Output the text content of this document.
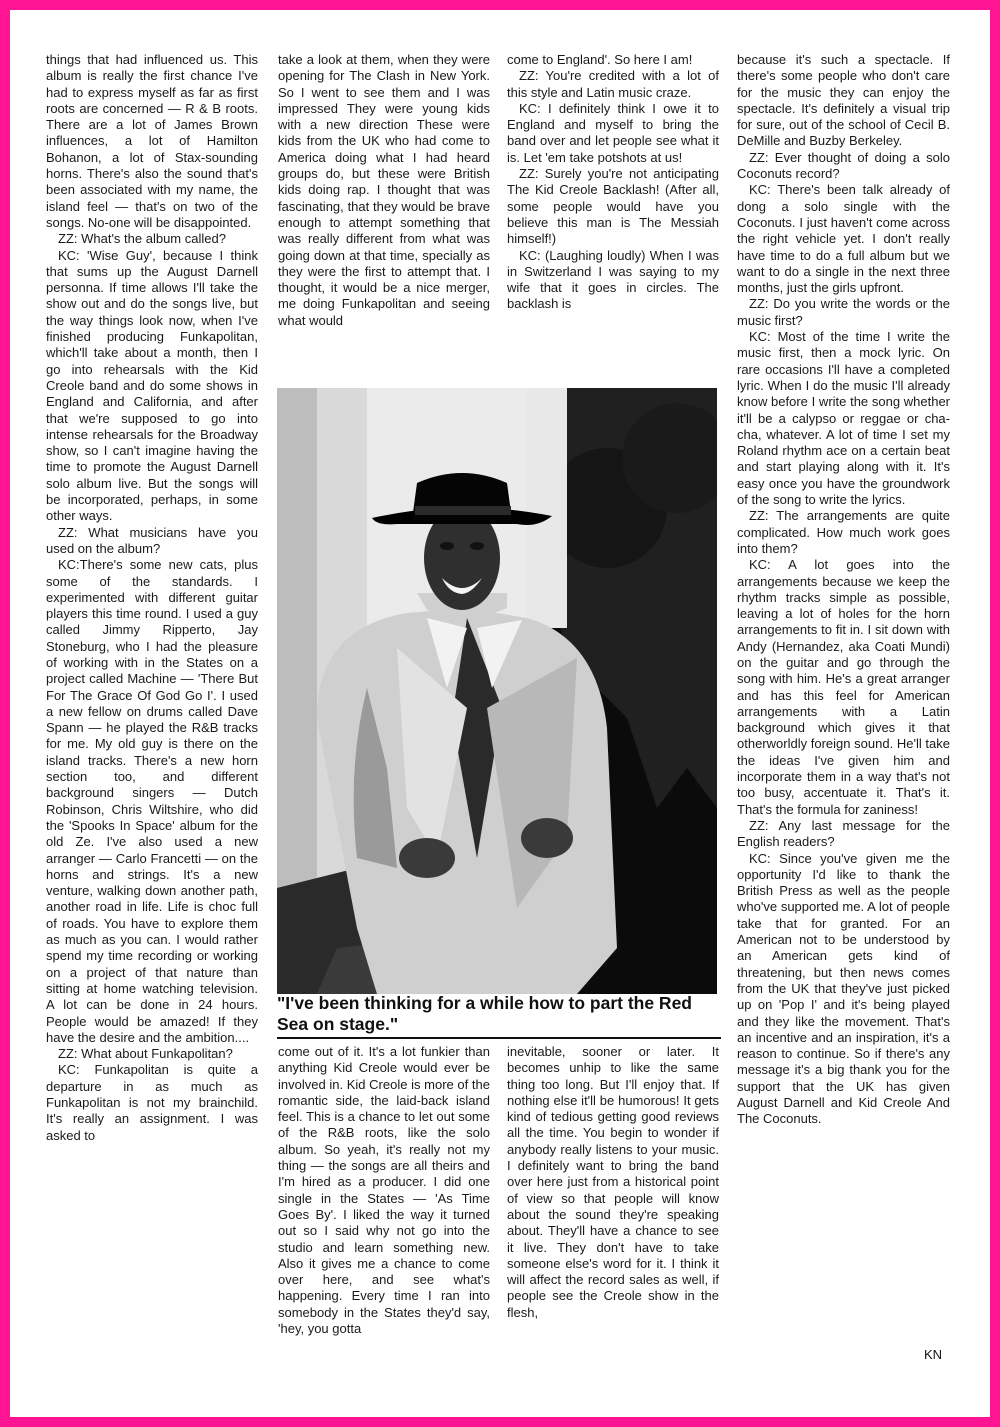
things that had influenced us. This album is really the first chance I've had to express myself as far as first roots are concerned — R & B roots. There are a lot of James Brown influences, a lot of Hamilton Bohanon, a lot of Stax-sounding horns. There's also the sound that's been associated with my name, the island feel — that's on two of the songs. No-one will be disappointed.

ZZ: What's the album called?

KC: 'Wise Guy', because I think that sums up the August Darnell personna. If time allows I'll take the show out and do the songs live, but the way things look now, when I've finished producing Funkapolitan, which'll take about a month, then I go into rehearsals with the Kid Creole band and do some shows in England and California, and after that we're supposed to go into intense rehearsals for the Broadway show, so I can't imagine having the time to promote the August Darnell solo album live. But the songs will be incorporated, perhaps, in some other ways.

ZZ: What musicians have you used on the album?

KC:There's some new cats, plus some of the standards. I experimented with different guitar players this time round. I used a guy called Jimmy Ripperto, Jay Stoneburg, who I had the pleasure of working with in the States on a project called Machine — 'There But For The Grace Of God Go I'. I used a new fellow on drums called Dave Spann — he played the R&B tracks for me. My old guy is there on the island tracks. There's a new horn section too, and different background singers — Dutch Robinson, Chris Wiltshire, who did the 'Spooks In Space' album for the old Ze. I've also used a new arranger — Carlo Francetti — on the horns and strings. It's a new venture, walking down another path, another road in life. Life is choc full of roads. You have to explore them as much as you can. I would rather spend my time recording or working on a project of that nature than sitting at home watching television. A lot can be done in 24 hours. People would be amazed! If they have the desire and the ambition....

ZZ: What about Funkapolitan?

KC: Funkapolitan is quite a departure in as much as Funkapolitan is not my brainchild. It's really an assignment. I was asked to

take a look at them, when they were opening for The Clash in New York. So I went to see them and I was impressed They were young kids with a new direction These were kids from the UK who had come to America doing what I had heard groups do, but these were British kids doing rap. I thought that was fascinating, that they would be brave enough to attempt something that was really different from what was going down at that time, specially as they were the first to attempt that. I thought, it would be a nice merger, me doing Funkapolitan and seeing what would

come to England'. So here I am!

ZZ: You're credited with a lot of this style and Latin music craze.

KC: I definitely think I owe it to England and myself to bring the band over and let people see what it is. Let 'em take potshots at us!

ZZ: Surely you're not anticipating The Kid Creole Backlash! (After all, some people would have you believe this man is The Messiah himself!)

KC: (Laughing loudly) When I was in Switzerland I was saying to my wife that it goes in circles. The backlash is

"I've been thinking for a while how to part the Red Sea on stage."

come out of it. It's a lot funkier than anything Kid Creole would ever be involved in. Kid Creole is more of the romantic side, the laid-back island feel. This is a chance to let out some of the R&B roots, like the solo album. So yeah, it's really not my thing — the songs are all theirs and I'm hired as a producer. I did one single in the States — 'As Time Goes By'. I liked the way it turned out so I said why not go into the studio and learn something new. Also it gives me a chance to come over here, and see what's happening. Every time I ran into somebody in the States they'd say, 'hey, you gotta

inevitable, sooner or later. It becomes unhip to like the same thing too long. But I'll enjoy that. If nothing else it'll be humorous! It gets kind of tedious getting good reviews all the time. You begin to wonder if anybody really listens to your music. I definitely want to bring the band over here just from a historical point of view so that people will know about the sound they're speaking about. They'll have a chance to see it live. They don't have to take someone else's word for it. I think it will affect the record sales as well, if people see the Creole show in the flesh,

because it's such a spectacle. If there's some people who don't care for the music they can enjoy the spectacle. It's definitely a visual trip for sure, out of the school of Cecil B. DeMille and Buzby Berkeley.

ZZ: Ever thought of doing a solo Coconuts record?

KC: There's been talk already of dong a solo single with the Coconuts. I just haven't come across the right vehicle yet. I don't really have time to do a full album but we want to do a single in the next three months, just the girls upfront.

ZZ: Do you write the words or the music first?

KC: Most of the time I write the music first, then a mock lyric. On rare occasions I'll have a completed lyric. When I do the music I'll already know before I write the song whether it'll be a calypso or reggae or cha-cha, whatever. A lot of time I set my Roland rhythm ace on a certain beat and start playing along with it. It's easy once you have the groundwork of the song to write the lyrics.

ZZ: The arrangements are quite complicated. How much work goes into them?

KC: A lot goes into the arrangements because we keep the rhythm tracks simple as possible, leaving a lot of holes for the horn arrangements to fit in. I sit down with Andy (Hernandez, aka Coati Mundi) on the guitar and go through the song with him. He's a great arranger and has this feel for American arrangements with a Latin background which gives it that otherworldly foreign sound. He'll take the ideas I've given him and incorporate them in a way that's not too busy, accentuate it. That's it. That's the formula for zaniness!

ZZ: Any last message for the English readers?

KC: Since you've given me the opportunity I'd like to thank the British Press as well as the people who've supported me. A lot of people take that for granted. For an American not to be understood by an American gets kind of threatening, but then news comes from the UK that they've just picked up on 'Pop I' and it's being played and they like the movement. That's an incentive and an inspiration, it's a reason to continue. So if there's any message it's a big thank you for the support that the UK has given August Darnell and Kid Creole And The Coconuts.

KN
